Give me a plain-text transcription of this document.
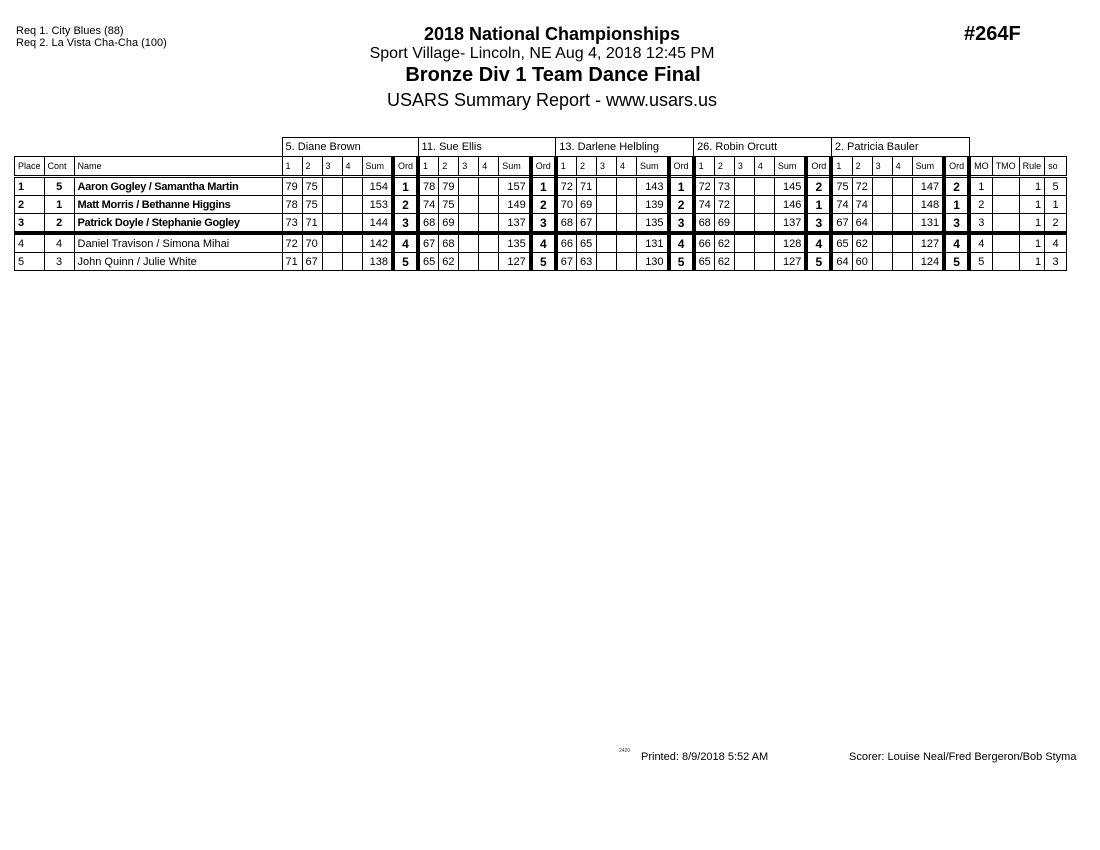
Req 1. City Blues (88)
Req 2. La Vista Cha-Cha (100)	2018 National Championships
Sport Village- Lincoln, NE Aug 4, 2018 12:45 PM
Bronze Div 1 Team Dance Final
USARS Summary Report - www.usars.us
#264F
			5. Diane Brown						11. Sue Ellis						13. Darlene Helbling						26. Robin Orcutt						2. Patricia Bauler									
Place	Cont	Name	1	2	3	4	Sum	Ord	1	2	3	4	Sum	Ord	1	2	3	4	Sum	Ord	1	2	3	4	Sum	Ord	1	2	3	4	Sum	Ord	MO	TMO	Rule	so
1	5	Aaron Gogley / Samantha Martin	79	75			154	1	78	79			157	1	72	71			143	1	72	73			145	2	75	72			147	2	1		1	5
2	1	Matt Morris / Bethanne Higgins	78	75			153	2	74	75			149	2	70	69			139	2	74	72			146	1	74	74			148	1	2		1	1
3	2	Patrick Doyle / Stephanie Gogley	73	71			144	3	68	69			137	3	68	67			135	3	68	69			137	3	67	64			131	3	3		1	2
4	4	Daniel Travison / Simona Mihai	72	70			142	4	67	68			135	4	66	65			131	4	66	62			128	4	65	62			127	4	4		1	4
5	3	John Quinn / Julie White	71	67			138	5	65	62			127	5	67	63			130	5	65	62			127	5	64	60			124	5	5		1	3
2420 Printed: 8/9/2018 5:52 AM	Scorer: Louise Neal/Fred Bergeron/Bob Styma
